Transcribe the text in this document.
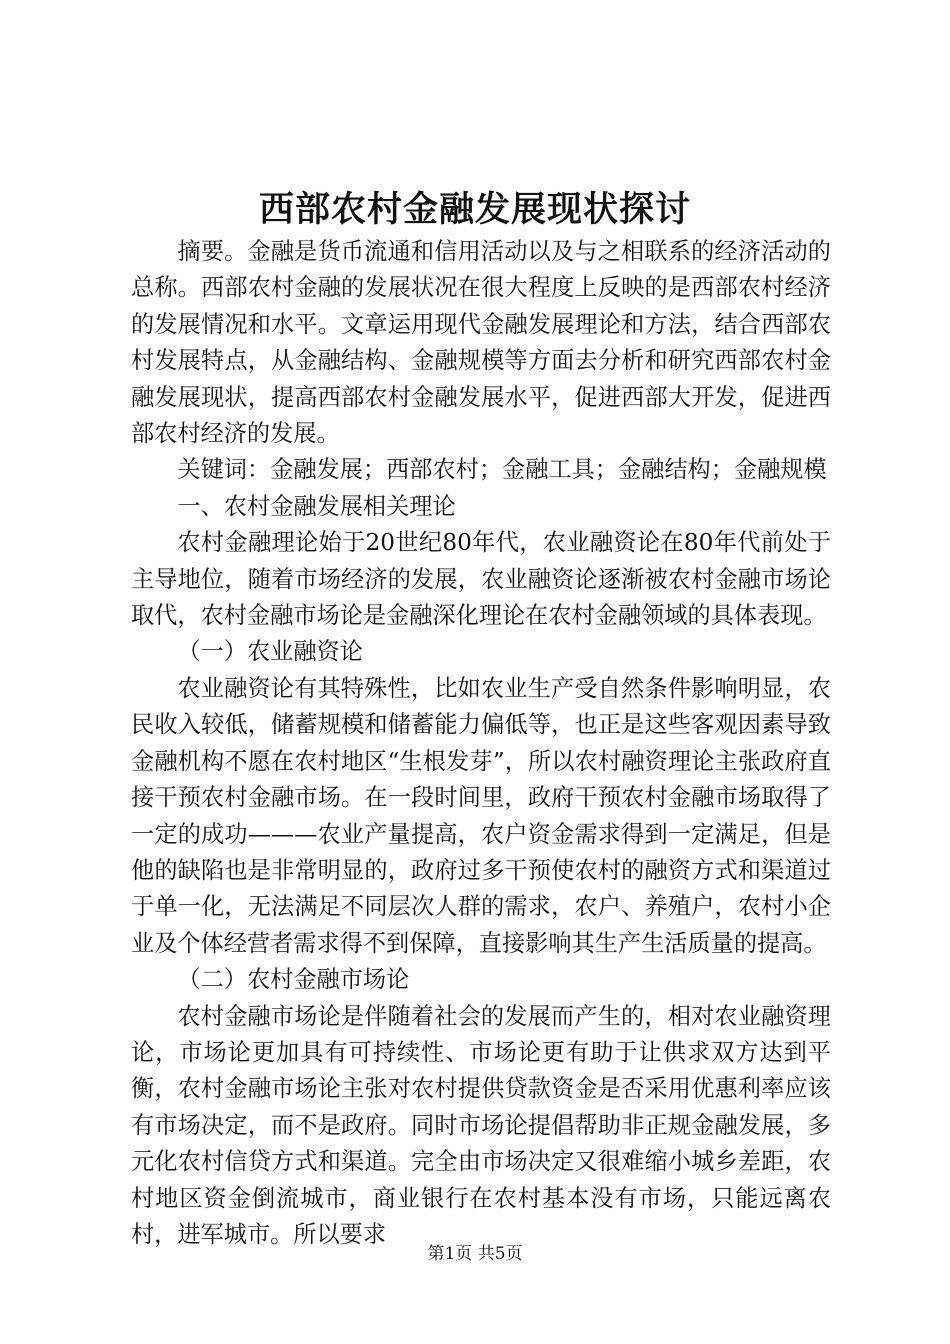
西部农村金融发展现状探讨

摘要。金融是货币流通和信用活动以及与之相联系的经济活动的总称。西部农村金融的发展状况在很大程度上反映的是西部农村经济的发展情况和水平。文章运用现代金融发展理论和方法，结合西部农村发展特点，从金融结构、金融规模等方面去分析和研究西部农村金融发展现状，提高西部农村金融发展水平，促进西部大开发，促进西部农村经济的发展。

关键词：金融发展；西部农村；金融工具；金融结构；金融规模

一、农村金融发展相关理论

农村金融理论始于20世纪80年代，农业融资论在80年代前处于主导地位，随着市场经济的发展，农业融资论逐渐被农村金融市场论取代，农村金融市场论是金融深化理论在农村金融领域的具体表现。

（一）农业融资论

农业融资论有其特殊性，比如农业生产受自然条件影响明显，农民收入较低，储蓄规模和储蓄能力偏低等，也正是这些客观因素导致金融机构不愿在农村地区“生根发芽”，所以农村融资理论主张政府直接干预农村金融市场。在一段时间里，政府干预农村金融市场取得了一定的成功———农业产量提高，农户资金需求得到一定满足，但是他的缺陷也是非常明显的，政府过多干预使农村的融资方式和渠道过于单一化，无法满足不同层次人群的需求，农户、养殖户，农村小企业及个体经营者需求得不到保障，直接影响其生产生活质量的提高。

（二）农村金融市场论

农村金融市场论是伴随着社会的发展而产生的，相对农业融资理论，市场论更加具有可持续性、市场论更有助于让供求双方达到平衡，农村金融市场论主张对农村提供贷款资金是否采用优惠利率应该有市场决定，而不是政府。同时市场论提倡帮助非正规金融发展，多元化农村信贷方式和渠道。完全由市场决定又很难缩小城乡差距，农村地区资金倒流城市，商业银行在农村基本没有市场，只能远离农村，进军城市。所以要求

第1页 共5页
